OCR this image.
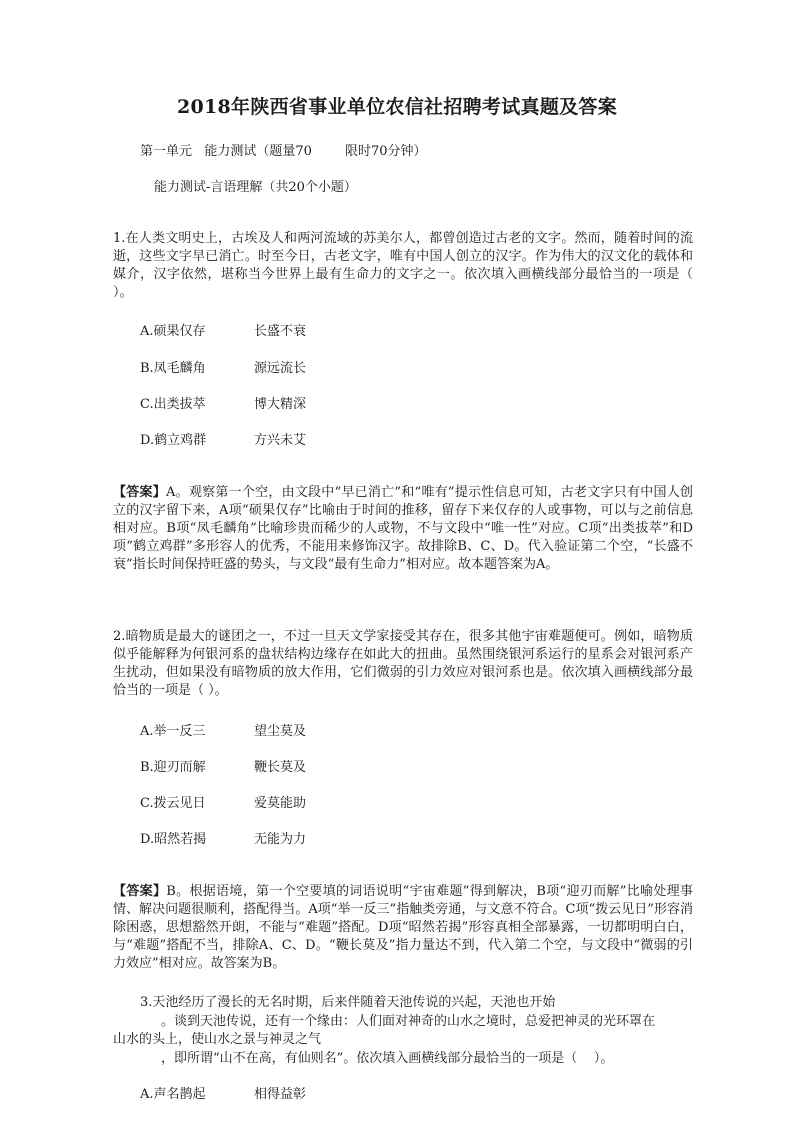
2018年陕西省事业单位农信社招聘考试真题及答案
第一单元   能力测试（题量70        限时70分钟）
能力测试-言语理解（共20个小题）

1.在人类文明史上，古埃及人和两河流域的苏美尔人，都曾创造过古老的文字。然而，随着时间的流逝，这些文字早已消亡。时至今日，古老文字，唯有中国人创立的汉字。作为伟大的汉文化的载体和媒介，汉字依然，堪称当今世界上最有生命力的文字之一。依次填入画横线部分最恰当的一项是（ ）。

A.硕果仅存	长盛不衰
B.凤毛麟角	源远流长
C.出类拔萃	博大精深
D.鹤立鸡群	方兴未艾

【答案】A。观察第一个空，由文段中“早已消亡”和“唯有”提示性信息可知，古老文字只有中国人创立的汉字留下来，A项“硕果仅存”比喻由于时间的推移，留存下来仅存的人或事物，可以与之前信息相对应。B项“凤毛麟角”比喻珍贵而稀少的人或物，不与文段中“唯一性”对应。C项“出类拔萃”和D项“鹤立鸡群”多形容人的优秀，不能用来修饰汉字。故排除B、C、D。代入验证第二个空，“长盛不衰”指长时间保持旺盛的势头，与文段“最有生命力”相对应。故本题答案为A。

2.暗物质是最大的谜团之一，不过一旦天文学家接受其存在，很多其他宇宙难题便可。例如，暗物质似乎能解释为何银河系的盘状结构边缘存在如此大的扭曲。虽然围绕银河系运行的星系会对银河系产生扰动，但如果没有暗物质的放大作用，它们微弱的引力效应对银河系也是。依次填入画横线部分最恰当的一项是（ ）。

A.举一反三	望尘莫及
B.迎刃而解	鞭长莫及
C.拨云见日	爱莫能助
D.昭然若揭	无能为力

【答案】B。根据语境，第一个空要填的词语说明“宇宙难题”得到解决，B项“迎刃而解”比喻处理事情、解决问题很顺利，搭配得当。A项“举一反三”指触类旁通，与文意不符合。C项“拨云见日”形容消除困惑，思想豁然开朗，不能与“难题”搭配。D项“昭然若揭”形容真相全部暴露，一切都明明白白，与“难题”搭配不当，排除A、C、D。“鞭长莫及”指力量达不到，代入第二个空，与文段中“微弱的引力效应”相对应。故答案为B。

3.天池经历了漫长的无名时期，后来伴随着天池传说的兴起，天池也开始
。谈到天池传说，还有一个缘由：人们面对神奇的山水之境时，总爱把神灵的光环罩在
山水的头上，使山水之景与神灵之气
，即所谓“山不在高，有仙则名”。依次填入画横线部分最恰当的一项是（    ）。
A.声名鹊起	相得益彰
